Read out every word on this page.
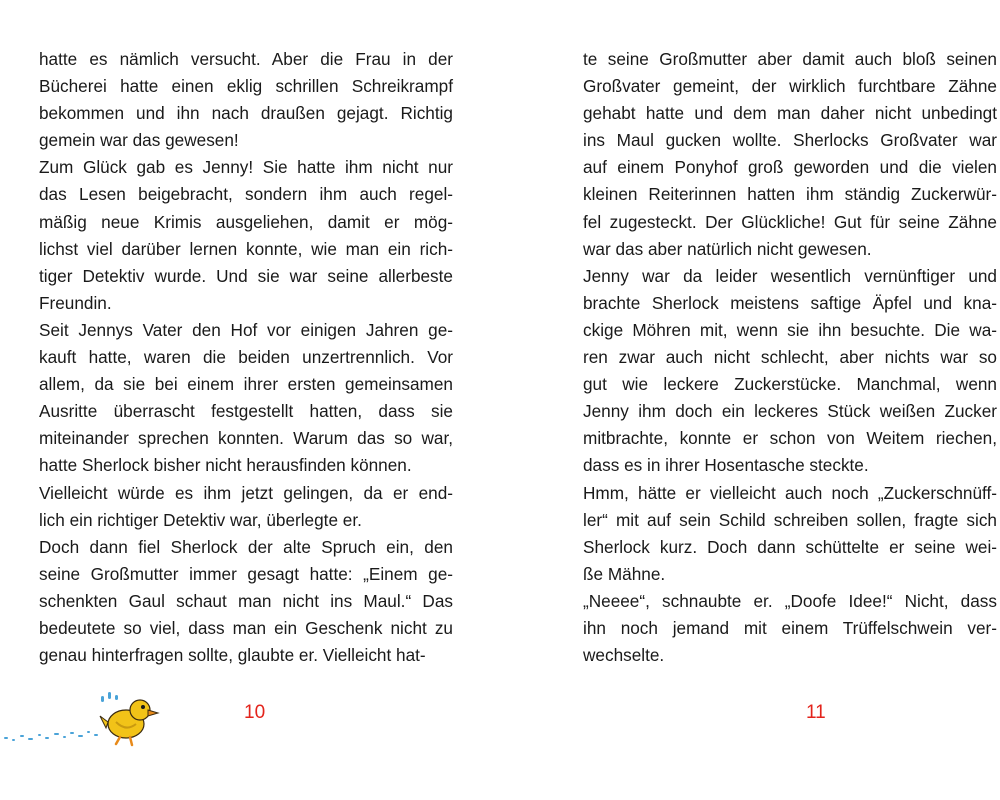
hatte es nämlich versucht. Aber die Frau in der
Bücherei hatte einen eklig schrillen Schreikrampf
bekommen und ihn nach draußen gejagt. Richtig
gemein war das gewesen!
Zum Glück gab es Jenny! Sie hatte ihm nicht nur
das Lesen beigebracht, sondern ihm auch regel-
mäßig neue Krimis ausgeliehen, damit er mög-
lichst viel darüber lernen konnte, wie man ein rich-
tiger Detektiv wurde. Und sie war seine allerbeste
Freundin.
Seit Jennys Vater den Hof vor einigen Jahren ge-
kauft hatte, waren die beiden unzertrennlich. Vor
allem, da sie bei einem ihrer ersten gemeinsamen
Ausritte überrascht festgestellt hatten, dass sie
miteinander sprechen konnten. Warum das so war,
hatte Sherlock bisher nicht herausfinden können.
Vielleicht würde es ihm jetzt gelingen, da er end-
lich ein richtiger Detektiv war, überlegte er.
Doch dann fiel Sherlock der alte Spruch ein, den
seine Großmutter immer gesagt hatte: „Einem ge-
schenkten Gaul schaut man nicht ins Maul.“ Das
bedeutete so viel, dass man ein Geschenk nicht zu
genau hinterfragen sollte, glaubte er. Vielleicht hat-
te seine Großmutter aber damit auch bloß seinen
Großvater gemeint, der wirklich furchtbare Zähne
gehabt hatte und dem man daher nicht unbedingt
ins Maul gucken wollte. Sherlocks Großvater war
auf einem Ponyhof groß geworden und die vielen
kleinen Reiterinnen hatten ihm ständig Zuckerwür-
fel zugesteckt. Der Glückliche! Gut für seine Zähne
war das aber natürlich nicht gewesen.
Jenny war da leider wesentlich vernünftiger und
brachte Sherlock meistens saftige Äpfel und kna-
ckige Möhren mit, wenn sie ihn besuchte. Die wa-
ren zwar auch nicht schlecht, aber nichts war so
gut wie leckere Zuckerstücke. Manchmal, wenn
Jenny ihm doch ein leckeres Stück weißen Zucker
mitbrachte, konnte er schon von Weitem riechen,
dass es in ihrer Hosentasche steckte.
Hmm, hätte er vielleicht auch noch „Zuckerschnüff-
ler“ mit auf sein Schild schreiben sollen, fragte sich
Sherlock kurz. Doch dann schüttelte er seine wei-
ße Mähne.
„Neeee“, schnaubte er. „Doofe Idee!“ Nicht, dass
ihn noch jemand mit einem Trüffelschwein ver-
wechselte.
10	11
